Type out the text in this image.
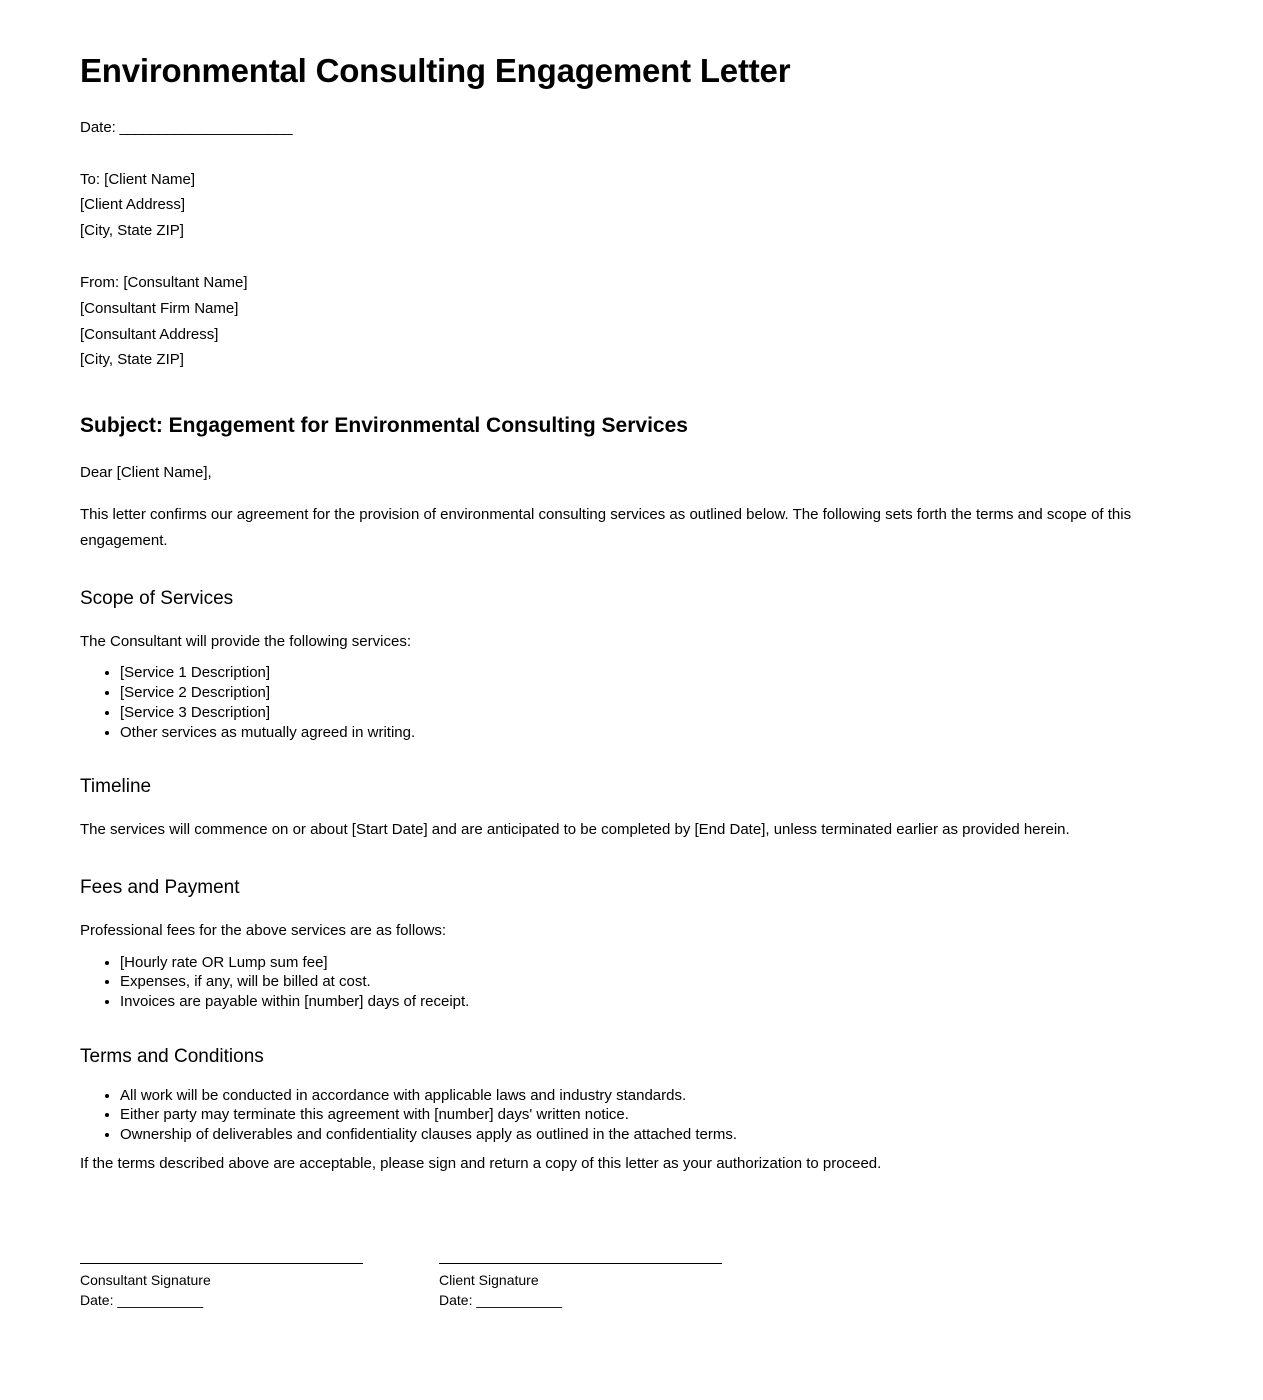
Environmental Consulting Engagement Letter

Date: ______________________

To: [Client Name]
[Client Address]
[City, State ZIP]
From: [Consultant Name]
[Consultant Firm Name]
[Consultant Address]
[City, State ZIP]
Subject: Engagement for Environmental Consulting Services

Dear [Client Name],

This letter confirms our agreement for the provision of environmental consulting services as outlined below. The following sets forth the terms and scope of this engagement.

Scope of Services

The Consultant will provide the following services:

• [Service 1 Description]
• [Service 2 Description]
• [Service 3 Description]
• Other services as mutually agreed in writing.
Timeline

The services will commence on or about [Start Date] and are anticipated to be completed by [End Date], unless terminated earlier as provided herein.

Fees and Payment

Professional fees for the above services are as follows:

• [Hourly rate OR Lump sum fee]
• Expenses, if any, will be billed at cost.
• Invoices are payable within [number] days of receipt.
Terms and Conditions
• All work will be conducted in accordance with applicable laws and industry standards.
• Either party may terminate this agreement with [number] days' written notice.
• Ownership of deliverables and confidentiality clauses apply as outlined in the attached terms.

If the terms described above are acceptable, please sign and return a copy of this letter as your authorization to proceed.

Consultant Signature

Date: ___________

Client Signature

Date: ___________
